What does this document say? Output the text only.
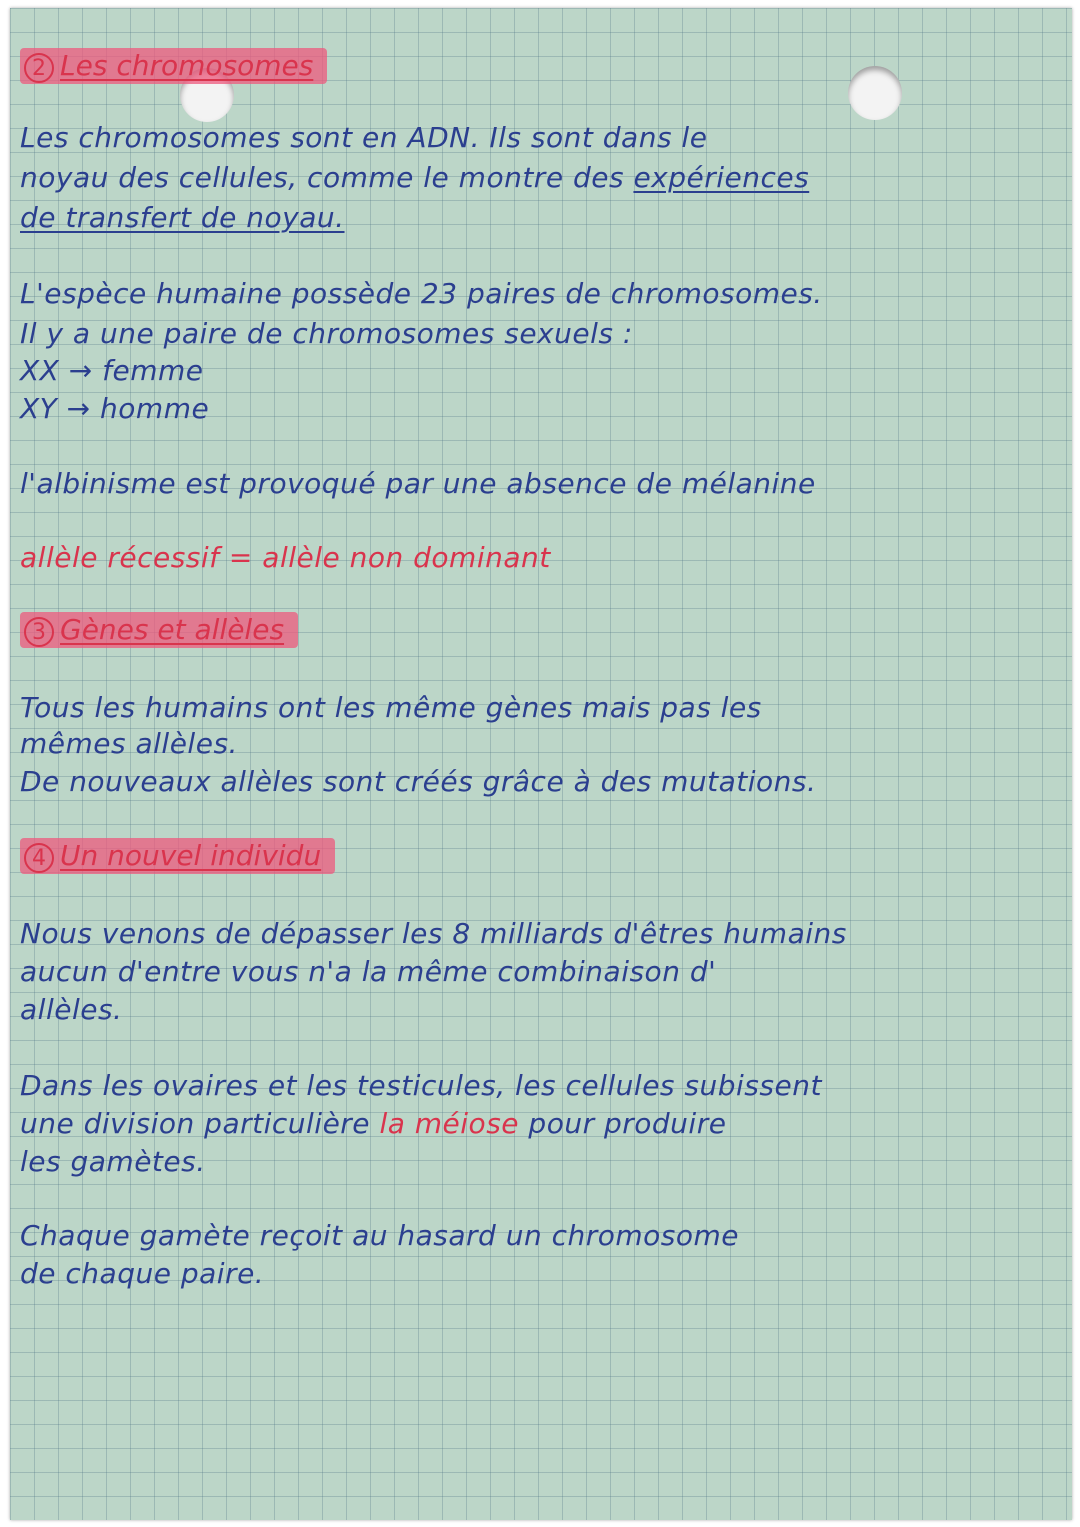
2 Les chromosomes
Les chromosomes sont en ADN. Ils sont dans le
noyau des cellules, comme le montre des expériences
de transfert de noyau.
L'espèce humaine possède 23 paires de chromosomes.
Il y a une paire de chromosomes sexuels :
XX → femme
XY → homme
l'albinisme est provoqué par une absence de mélanine
allèle récessif = allèle non dominant
3 Gènes et allèles
Tous les humains ont les même gènes mais pas les
mêmes allèles.
De nouveaux allèles sont créés grâce à des mutations.
4 Un nouvel individu
Nous venons de dépasser les 8 milliards d'êtres humains
aucun d'entre vous n'a la même combinaison d'
allèles.
Dans les ovaires et les testicules, les cellules subissent
une division particulière la méiose pour produire
les gamètes.
Chaque gamète reçoit au hasard un chromosome
de chaque paire.
